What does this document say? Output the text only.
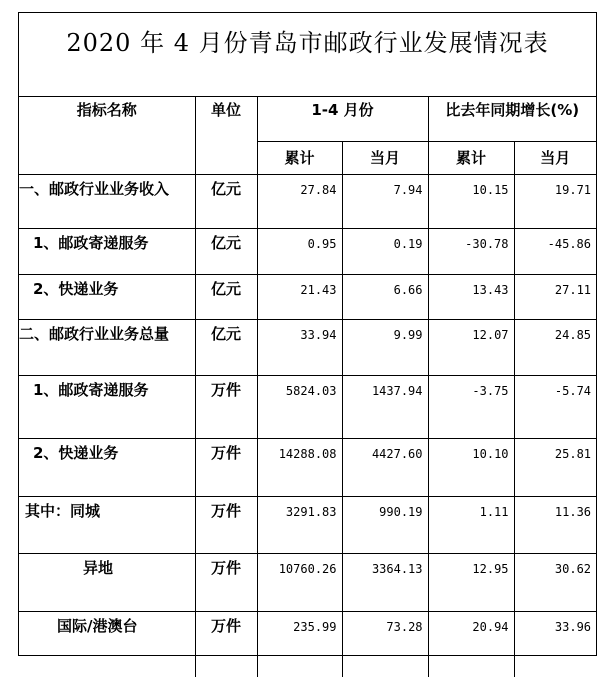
2020 年 4 月份青岛市邮政行业发展情况表
指标名称	单位	1-4 月份		比去年同期增长(%)	
		累计	当月	累计	当月
一、邮政行业业务收入	亿元	27.84	7.94	10.15	19.71
1、邮政寄递服务	亿元	0.95	0.19	-30.78	-45.86
2、快递业务	亿元	21.43	6.66	13.43	27.11
二、邮政行业业务总量	亿元	33.94	9.99	12.07	24.85
1、邮政寄递服务	万件	5824.03	1437.94	-3.75	-5.74
2、快递业务	万件	14288.08	4427.60	10.10	25.81
其中：同城	万件	3291.83	990.19	1.11	11.36
异地	万件	10760.26	3364.13	12.95	30.62
国际/港澳台	万件	235.99	73.28	20.94	33.96
